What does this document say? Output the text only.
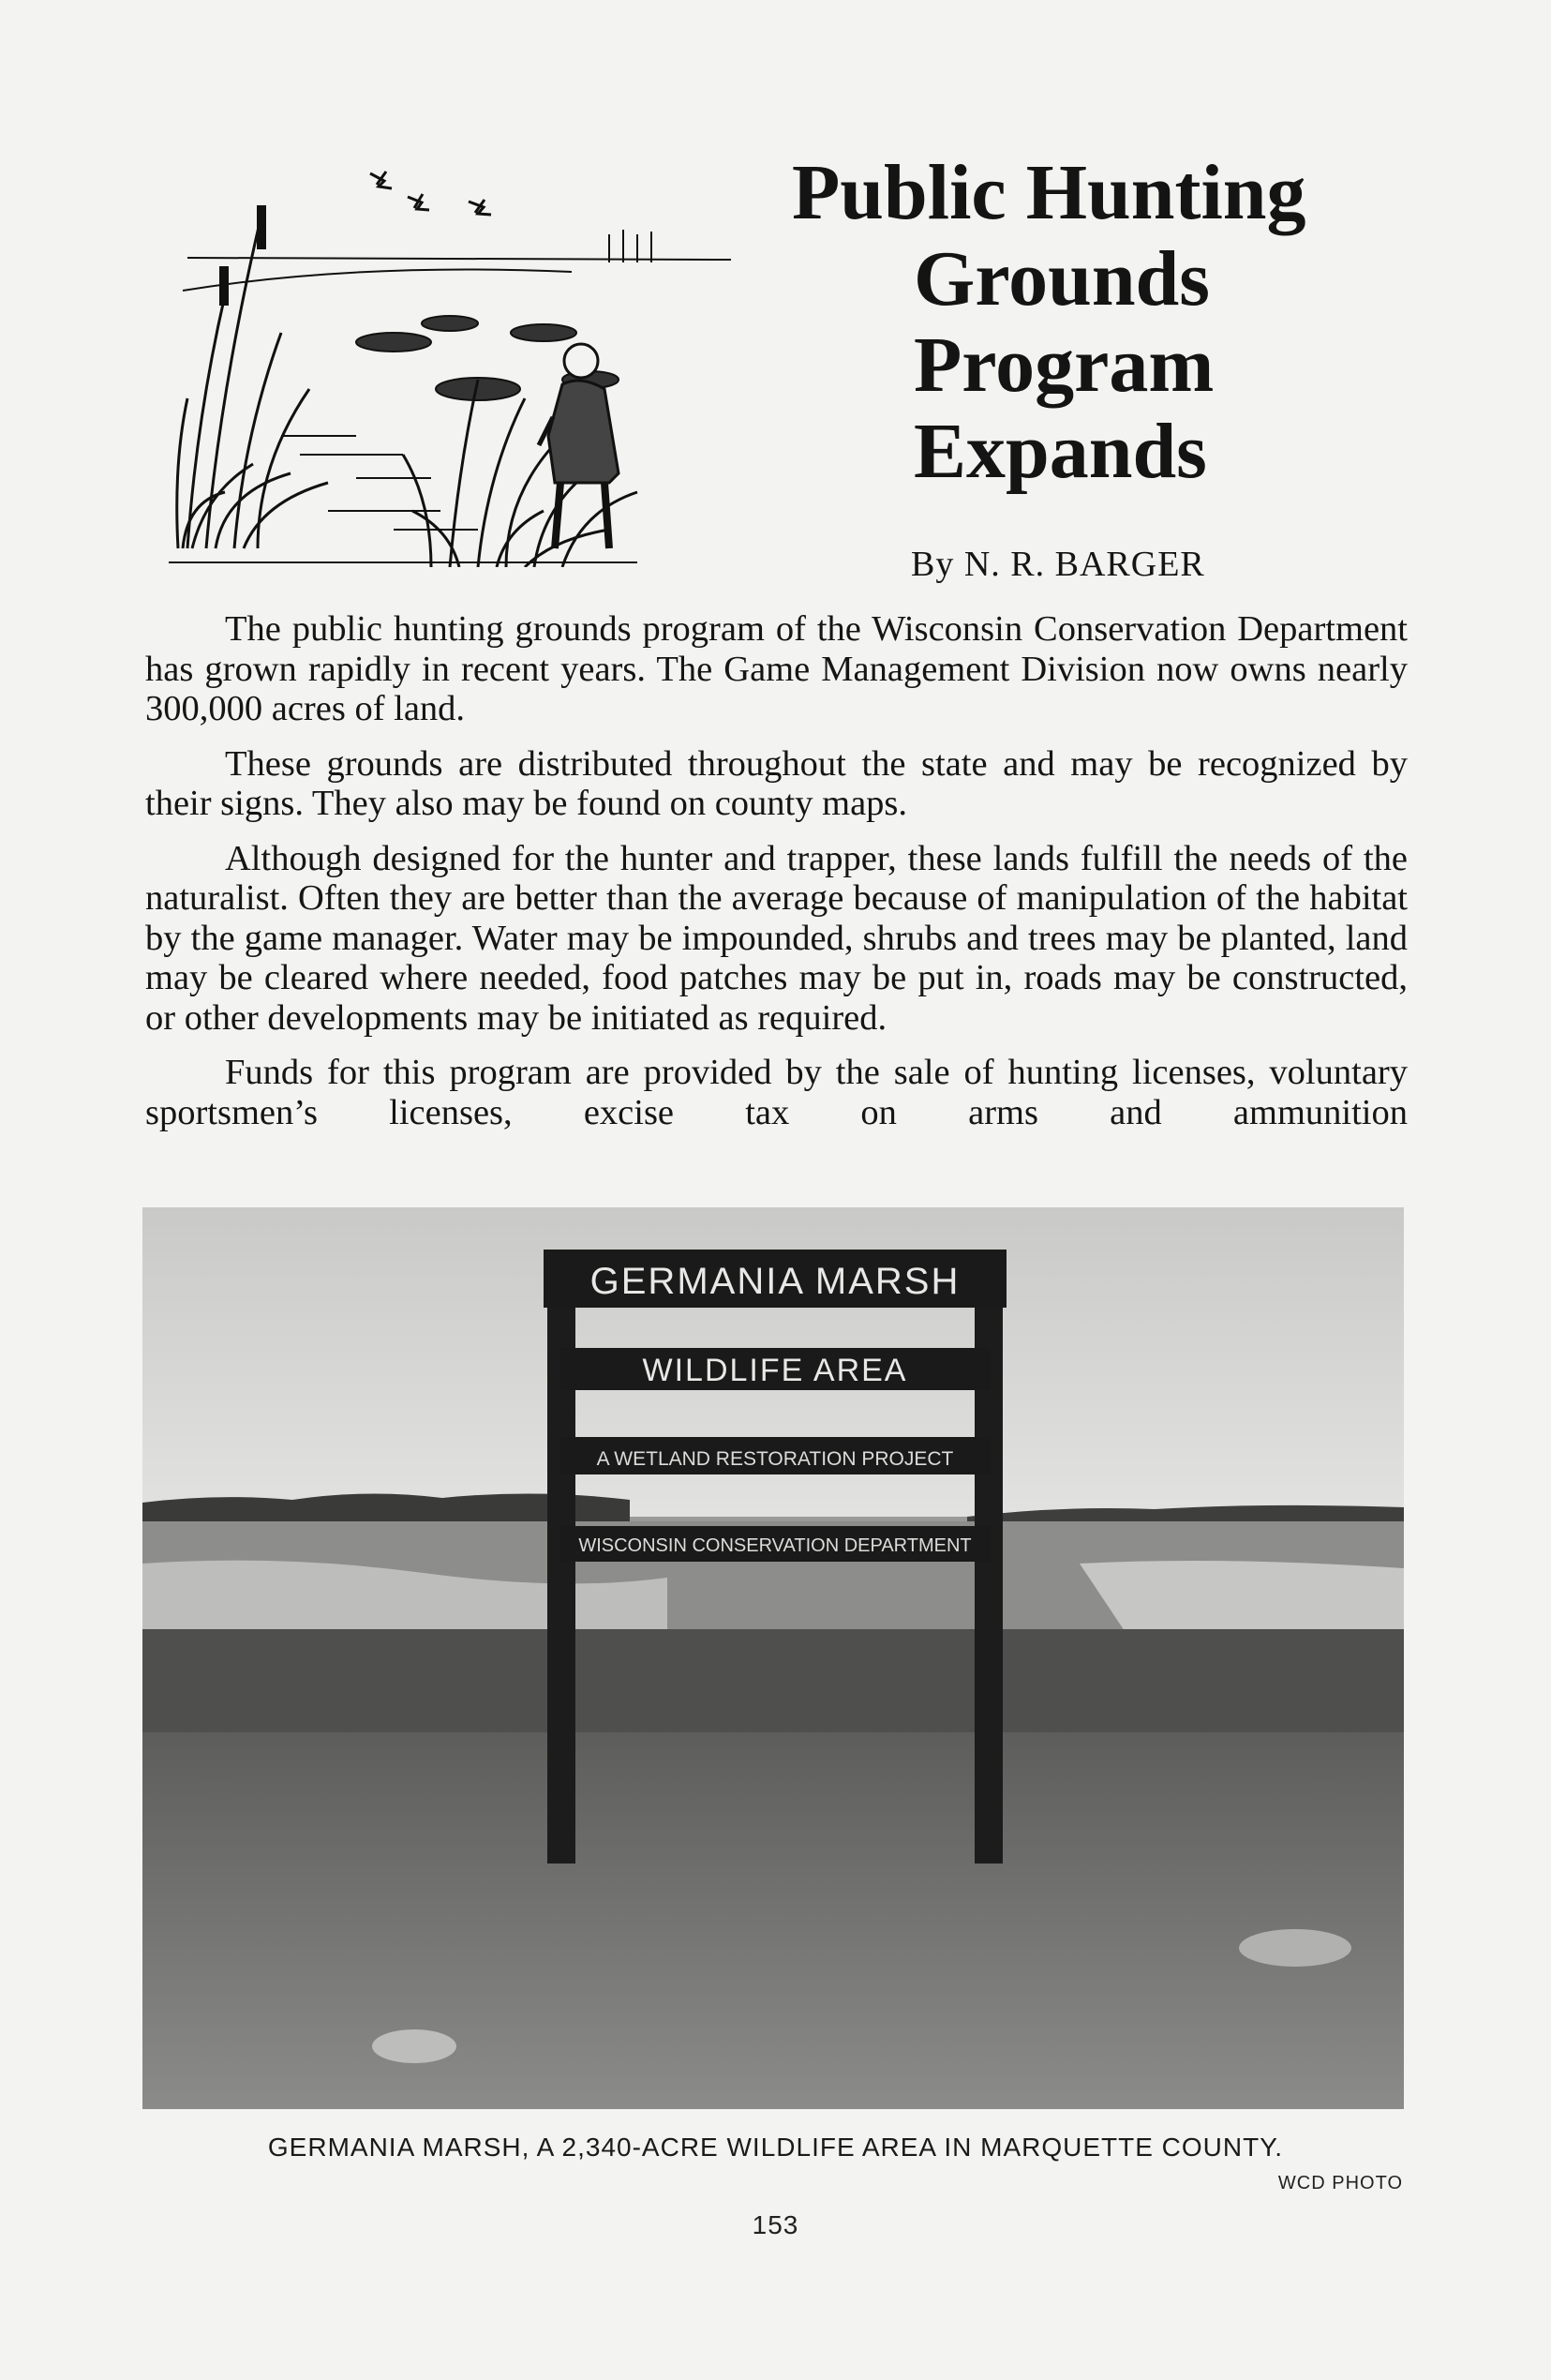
Public Hunting
Grounds
Program
Expands
By N. R. BARGER

The public hunting grounds program of the Wisconsin Conservation Department has grown rapidly in recent years. The Game Management Division now owns nearly 300,000 acres of land.

These grounds are distributed throughout the state and may be recognized by their signs. They also may be found on county maps.

Although designed for the hunter and trapper, these lands fulfill the needs of the naturalist. Often they are better than the average because of manipulation of the habitat by the game manager. Water may be impounded, shrubs and trees may be planted, land may be cleared where needed, food patches may be put in, roads may be constructed, or other developments may be initiated as required.

Funds for this program are provided by the sale of hunting licenses, voluntary sportsmen’s licenses, excise tax on arms and ammunition

GERMANIA MARSH
WILDLIFE AREA
A WETLAND RESTORATION PROJECT
WISCONSIN CONSERVATION DEPARTMENT
GERMANIA MARSH, A 2,340-ACRE WILDLIFE AREA IN MARQUETTE COUNTY.
WCD PHOTO
153
